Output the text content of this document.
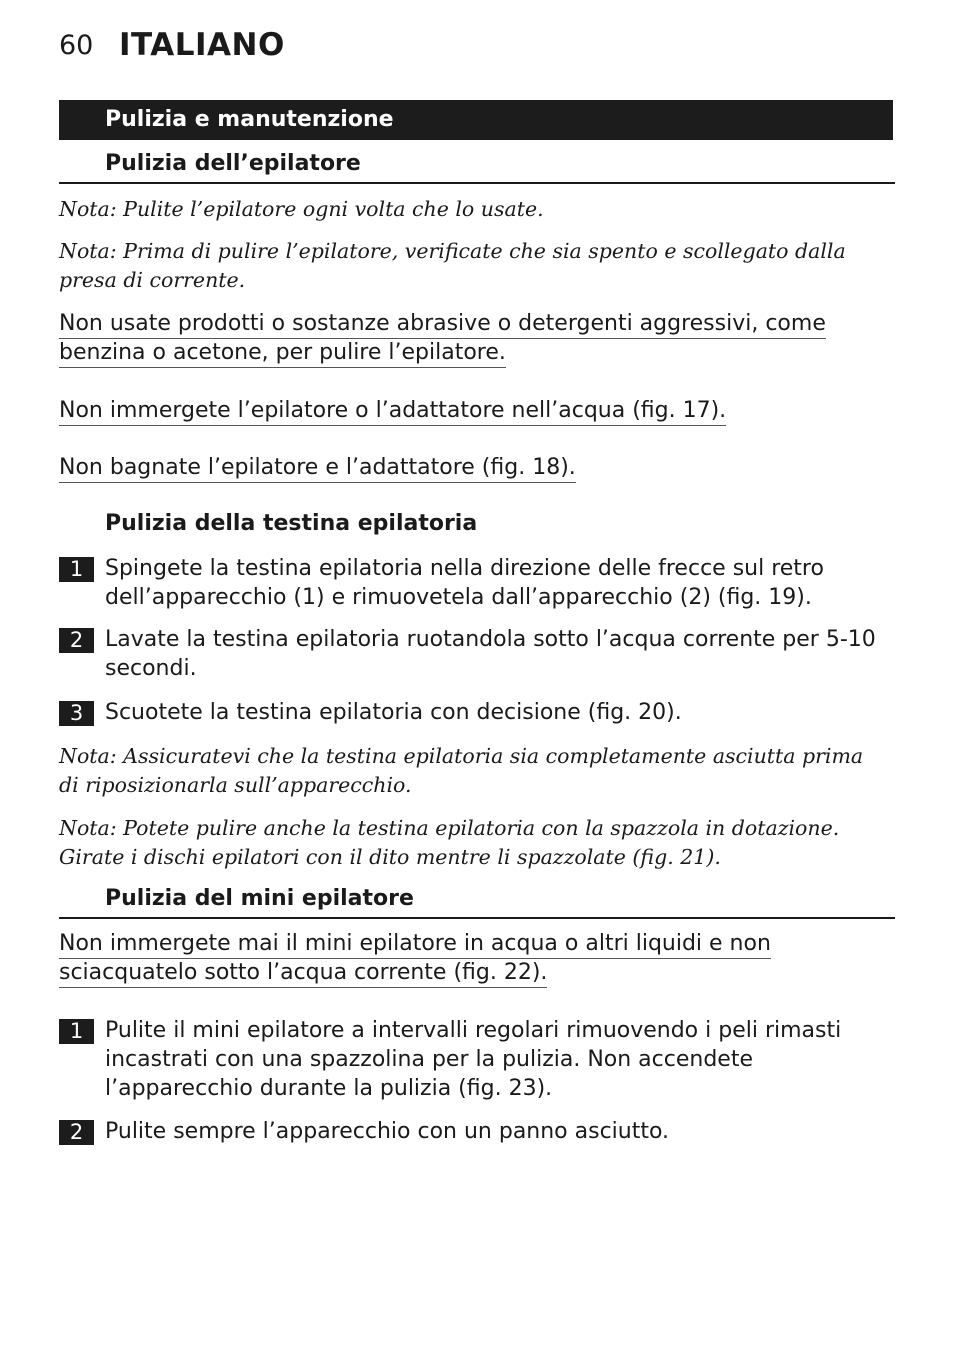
60 ITALIANO
Pulizia e manutenzione
Pulizia dell’epilatore
Nota: Pulite l’epilatore ogni volta che lo usate.
Nota: Prima di pulire l’epilatore, verificate che sia spento e scollegato dalla presa di corrente.
Non usate prodotti o sostanze abrasive o detergenti aggressivi, come benzina o acetone, per pulire l’epilatore.
Non immergete l’epilatore o l’adattatore nell’acqua (fig. 17).
Non bagnate l’epilatore e l’adattatore (fig. 18).
Pulizia della testina epilatoria
1 Spingete la testina epilatoria nella direzione delle frecce sul retro dell’apparecchio (1) e rimuovetela dall’apparecchio (2) (fig. 19).
2 Lavate la testina epilatoria ruotandola sotto l’acqua corrente per 5-10 secondi.
3 Scuotete la testina epilatoria con decisione (fig. 20).
Nota: Assicuratevi che la testina epilatoria sia completamente asciutta prima di riposizionarla sull’apparecchio.
Nota: Potete pulire anche la testina epilatoria con la spazzola in dotazione. Girate i dischi epilatori con il dito mentre li spazzolate (fig. 21).
Pulizia del mini epilatore
Non immergete mai il mini epilatore in acqua o altri liquidi e non sciacquatelo sotto l’acqua corrente (fig. 22).
1 Pulite il mini epilatore a intervalli regolari rimuovendo i peli rimasti incastrati con una spazzolina per la pulizia. Non accendete l’apparecchio durante la pulizia (fig. 23).
2 Pulite sempre l’apparecchio con un panno asciutto.
